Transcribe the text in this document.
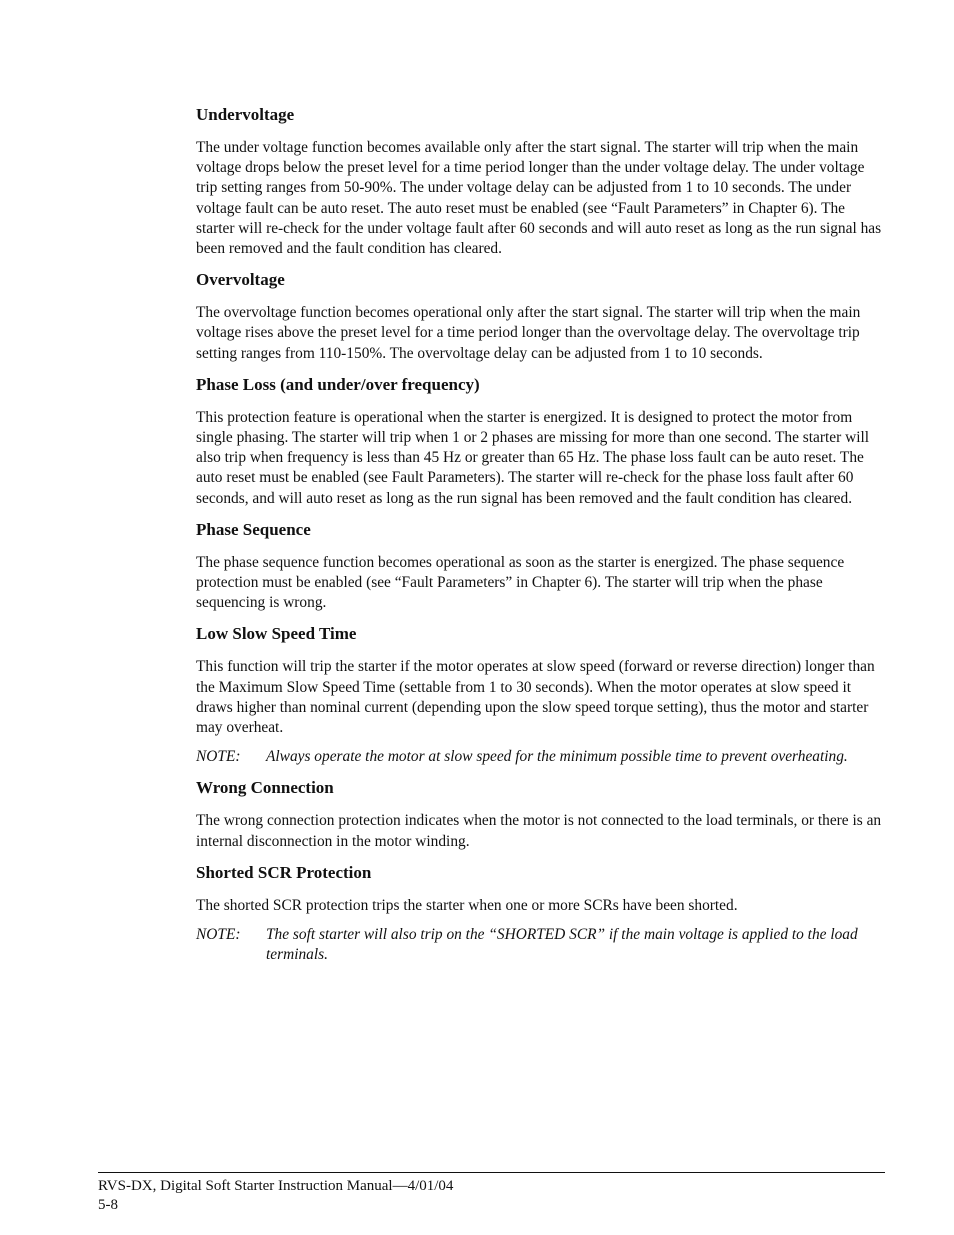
Undervoltage

The under voltage function becomes available only after the start signal. The starter will trip when the main voltage drops below the preset level for a time period longer than the under voltage delay. The under voltage trip setting ranges from 50-90%. The under voltage delay can be adjusted from 1 to 10 seconds. The under voltage fault can be auto reset. The auto reset must be enabled (see “Fault Parameters” in Chapter 6). The starter will re-check for the under voltage fault after 60 seconds and will auto reset as long as the run signal has been removed and the fault condition has cleared.

Overvoltage

The overvoltage function becomes operational only after the start signal. The starter will trip when the main voltage rises above the preset level for a time period longer than the overvoltage delay. The overvoltage trip setting ranges from 110-150%. The overvoltage delay can be adjusted from 1 to 10 seconds.

Phase Loss (and under/over frequency)

This protection feature is operational when the starter is energized. It is designed to protect the motor from single phasing. The starter will trip when 1 or 2 phases are missing for more than one second. The starter will also trip when frequency is less than 45 Hz or greater than 65 Hz. The phase loss fault can be auto reset. The auto reset must be enabled (see Fault Parameters). The starter will re-check for the phase loss fault after 60 seconds, and will auto reset as long as the run signal has been removed and the fault condition has cleared.

Phase Sequence

The phase sequence function becomes operational as soon as the starter is energized. The phase sequence protection must be enabled (see “Fault Parameters” in Chapter 6). The starter will trip when the phase sequencing is wrong.

Low Slow Speed Time

This function will trip the starter if the motor operates at slow speed (forward or reverse direction) longer than the Maximum Slow Speed Time (settable from 1 to 30 seconds). When the motor operates at slow speed it draws higher than nominal current (depending upon the slow speed torque setting), thus the motor and starter may overheat.

NOTE:	Always operate the motor at slow speed for the minimum possible time to prevent overheating.
Wrong Connection

The wrong connection protection indicates when the motor is not connected to the load terminals, or there is an internal disconnection in the motor winding.

Shorted SCR Protection

The shorted SCR protection trips the starter when one or more SCRs have been shorted.

NOTE:	The soft starter will also trip on the “SHORTED SCR” if the main voltage is applied to the load terminals.
RVS-DX, Digital Soft Starter Instruction Manual—4/01/04
5-8
